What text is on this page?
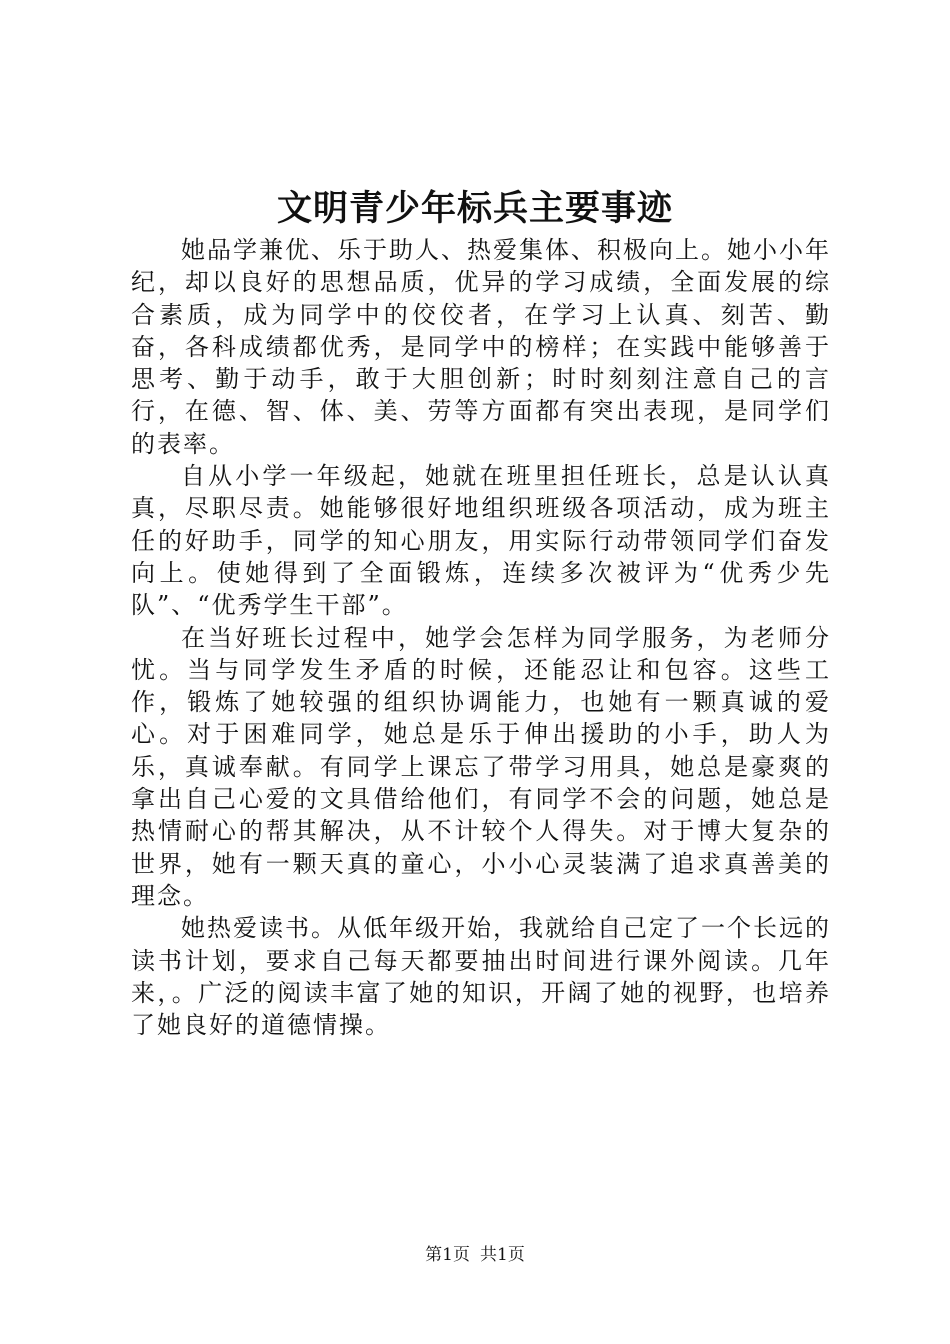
文明青少年标兵主要事迹

她品学兼优、乐于助人、热爱集体、积极向上。她小小年纪，却以良好的思想品质，优异的学习成绩，全面发展的综合素质，成为同学中的佼佼者，在学习上认真、刻苦、勤奋，各科成绩都优秀，是同学中的榜样；在实践中能够善于思考、勤于动手，敢于大胆创新；时时刻刻注意自己的言行，在德、智、体、美、劳等方面都有突出表现，是同学们的表率。

自从小学一年级起，她就在班里担任班长，总是认认真真，尽职尽责。她能够很好地组织班级各项活动，成为班主任的好助手，同学的知心朋友，用实际行动带领同学们奋发向上。使她得到了全面锻炼，连续多次被评为“优秀少先队”、“优秀学生干部”。

在当好班长过程中，她学会怎样为同学服务，为老师分忧。当与同学发生矛盾的时候，还能忍让和包容。这些工作，锻炼了她较强的组织协调能力，也她有一颗真诚的爱心。对于困难同学，她总是乐于伸出援助的小手，助人为乐，真诚奉献。有同学上课忘了带学习用具，她总是豪爽的拿出自己心爱的文具借给他们，有同学不会的问题，她总是热情耐心的帮其解决，从不计较个人得失。对于博大复杂的世界，她有一颗天真的童心，小小心灵装满了追求真善美的理念。

她热爱读书。从低年级开始，我就给自己定了一个长远的读书计划，要求自己每天都要抽出时间进行课外阅读。几年来，。广泛的阅读丰富了她的知识，开阔了她的视野，也培养了她良好的道德情操。

第1页 共1页
